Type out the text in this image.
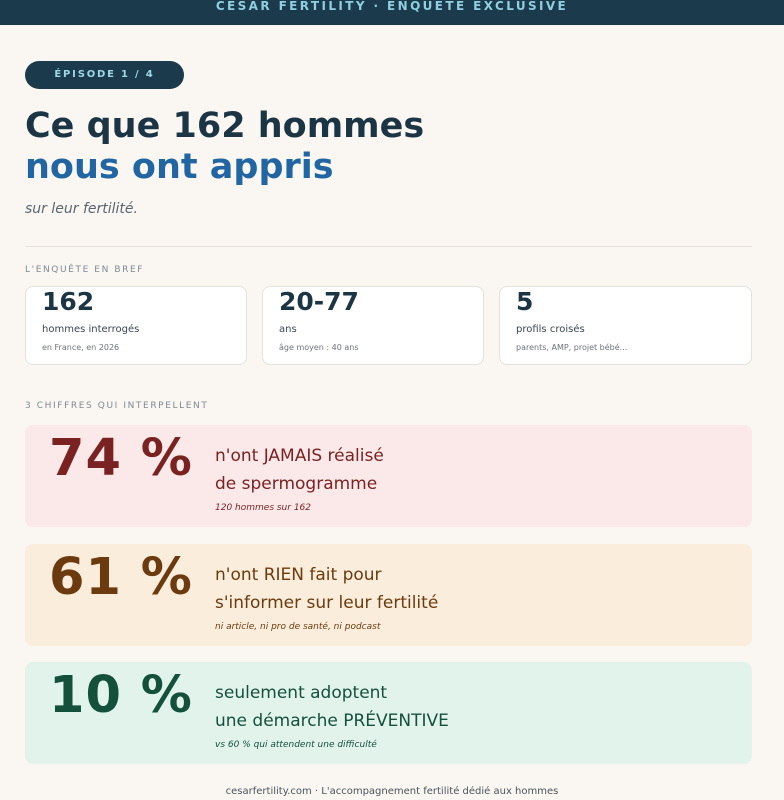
CESAR FERTILITY · ENQUÊTE EXCLUSIVE
ÉPISODE 1 / 4
Ce que 162 hommes
nous ont appris
sur leur fertilité.
L'ENQUÊTE EN BREF
162
hommes interrogés
en France, en 2026
20-77
ans
âge moyen : 40 ans
5
profils croisés
parents, AMP, projet bébé...
3 CHIFFRES QUI INTERPELLENT
74 % n'ont JAMAIS réalisé
de spermogramme
120 hommes sur 162
61 % n'ont RIEN fait pour
s'informer sur leur fertilité
ni article, ni pro de santé, ni podcast
10 % seulement adoptent
une démarche PRÉVENTIVE
vs 60 % qui attendent une difficulté
cesarfertility.com · L'accompagnement fertilité dédié aux hommes
